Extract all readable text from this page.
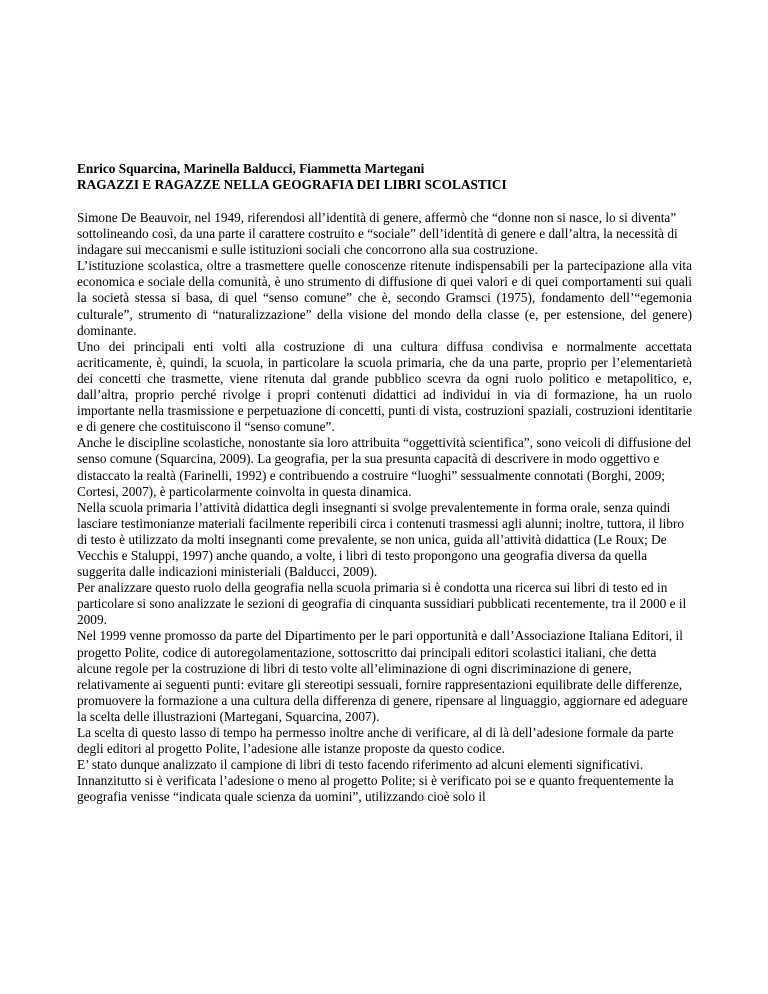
Enrico Squarcina, Marinella Balducci, Fiammetta Martegani

RAGAZZI E RAGAZZE NELLA GEOGRAFIA DEI LIBRI SCOLASTICI

Simone De Beauvoir, nel 1949, riferendosi all’identità di genere, affermò che “donne non si nasce, lo si diventa” sottolineando così, da una parte il carattere costruito e “sociale” dell’identità di genere e dall’altra, la necessità di indagare sui meccanismi e sulle istituzioni sociali che concorrono alla sua costruzione.

L’istituzione scolastica, oltre a trasmettere quelle conoscenze ritenute indispensabili per la partecipazione alla vita economica e sociale della comunità, è uno strumento di diffusione di quei valori e di quei comportamenti sui quali la società stessa si basa, di quel “senso comune” che è, secondo Gramsci (1975), fondamento dell’“egemonia culturale”, strumento di “naturalizzazione” della visione del mondo della classe (e, per estensione, del genere) dominante.

Uno dei principali enti volti alla costruzione di una cultura diffusa condivisa e normalmente accettata acriticamente, è, quindi, la scuola, in particolare la scuola primaria, che da una parte, proprio per l’elementarietà dei concetti che trasmette, viene ritenuta dal grande pubblico scevra da ogni ruolo politico e metapolitico, e, dall’altra, proprio perché rivolge i propri contenuti didattici ad individui in via di formazione, ha un ruolo importante nella trasmissione e perpetuazione di concetti, punti di vista, costruzioni spaziali, costruzioni identitarie e di genere che costituiscono il “senso comune”.

Anche le discipline scolastiche, nonostante sia loro attribuita “oggettività scientifica”, sono veicoli di diffusione del senso comune (Squarcina, 2009). La geografia, per la sua presunta capacità di descrivere in modo oggettivo e distaccato la realtà (Farinelli, 1992) e contribuendo a costruire “luoghi” sessualmente connotati (Borghi, 2009; Cortesi, 2007), è particolarmente coinvolta in questa dinamica.

Nella scuola primaria l’attività didattica degli insegnanti si svolge prevalentemente in forma orale, senza quindi lasciare testimonianze materiali facilmente reperibili circa i contenuti trasmessi agli alunni; inoltre, tuttora, il libro di testo è utilizzato da molti insegnanti come prevalente, se non unica, guida all’attività didattica (Le Roux; De Vecchis e Staluppi, 1997) anche quando, a volte, i libri di testo propongono una geografia diversa da quella suggerita dalle indicazioni ministeriali (Balducci, 2009).

Per analizzare questo ruolo della geografia nella scuola primaria si è condotta una ricerca sui libri di testo ed in particolare si sono analizzate le sezioni di geografia di cinquanta sussidiari pubblicati recentemente, tra il 2000 e il 2009.

Nel 1999 venne promosso da parte del Dipartimento per le pari opportunità e dall’Associazione Italiana Editori, il progetto Polite, codice di autoregolamentazione, sottoscritto dai principali editori scolastici italiani, che detta alcune regole per la costruzione di libri di testo volte all’eliminazione di ogni discriminazione di genere, relativamente ai seguenti punti: evitare gli stereotipi sessuali, fornire rappresentazioni equilibrate delle differenze, promuovere la formazione a una cultura della differenza di genere, ripensare al linguaggio, aggiornare ed adeguare la scelta delle illustrazioni (Martegani, Squarcina, 2007).

La scelta di questo lasso di tempo ha permesso inoltre anche di verificare, al di là dell’adesione formale da parte degli editori al progetto Polite, l’adesione alle istanze proposte da questo codice.

E’ stato dunque analizzato il campione di libri di testo facendo riferimento ad alcuni elementi significativi.

Innanzitutto si è verificata l’adesione o meno al progetto Polite; si è verificato poi se e quanto frequentemente la geografia venisse “indicata quale scienza da uomini”, utilizzando cioè solo il
